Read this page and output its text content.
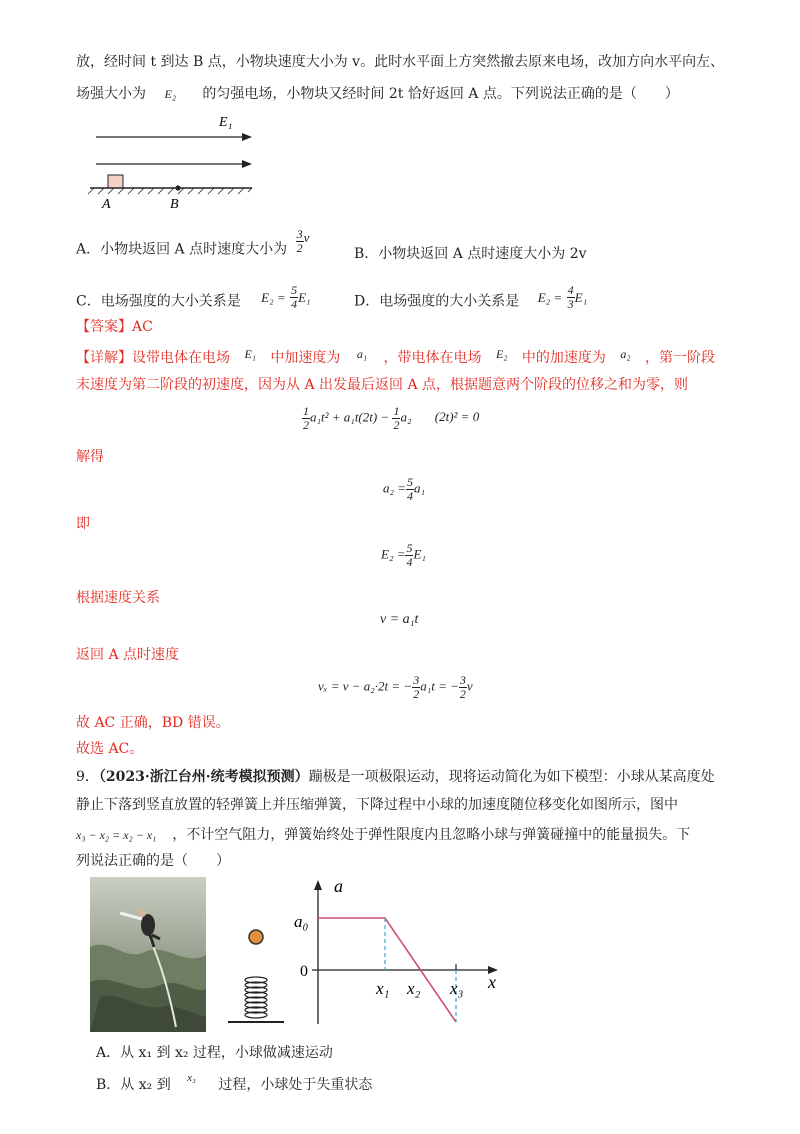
放，经时间 t 到达 B 点，小物块速度大小为 v。此时水平面上方突然撤去原来电场，改加方向水平向左、
场强大小为 E₂ 的匀强电场，小物块又经时间 2t 恰好返回 A 点。下列说法正确的是（　　）
E₁
A	B
A．小物块返回 A 点时速度大小为 $\frac{3}{2}$ v
B．小物块返回 A 点时速度大小为 2v
C．电场强度的大小关系是 $E_2 = \frac{5}{4} E_1$	D．电场强度的大小关系是 $E_2 = \frac{4}{3} E_1$
【答案】AC
【详解】设带电体在电场 E₁ 中加速度为 a₁ ，带电体在电场 E₂ 中的加速度为 a₂ ，第一阶段
末速度为第二阶段的初速度，因为从 A 出发最后返回 A 点，根据题意两个阶段的位移之和为零，则
$\frac{1}{2} a_1t^2 + a_1t(2t) - \frac{1}{2} a_2$ (2t)² = 0
解得
$a_2 = \frac{5}{4} a_1$
即
$E_2 = \frac{5}{4} E_1$
根据速度关系
v = a₁t
返回 A 点时速度
vₓ = v − a₂·2t = − $\frac{3}{2} a_1t$ = − $\frac{3}{2}$ v
故 AC 正确，BD 错误。
故选 AC。
9．（2023·浙江台州·统考模拟预测）蹦极是一项极限运动，现将运动简化为如下模型：小球从某高度处
静止下落到竖直放置的轻弹簧上并压缩弹簧，下降过程中小球的加速度随位移变化如图所示，图中
x₃ − x₂ = x₂ − x₁ ，不计空气阻力，弹簧始终处于弹性限度内且忽略小球与弹簧碰撞中的能量损失。下
列说法正确的是（　　）
a
x
a₀
0
x₁ x₂ x₃
A．从 x₁ 到 x₂ 过程，小球做减速运动
B．从 x₂ 到 $^{x_3}$ 过程，小球处于失重状态
